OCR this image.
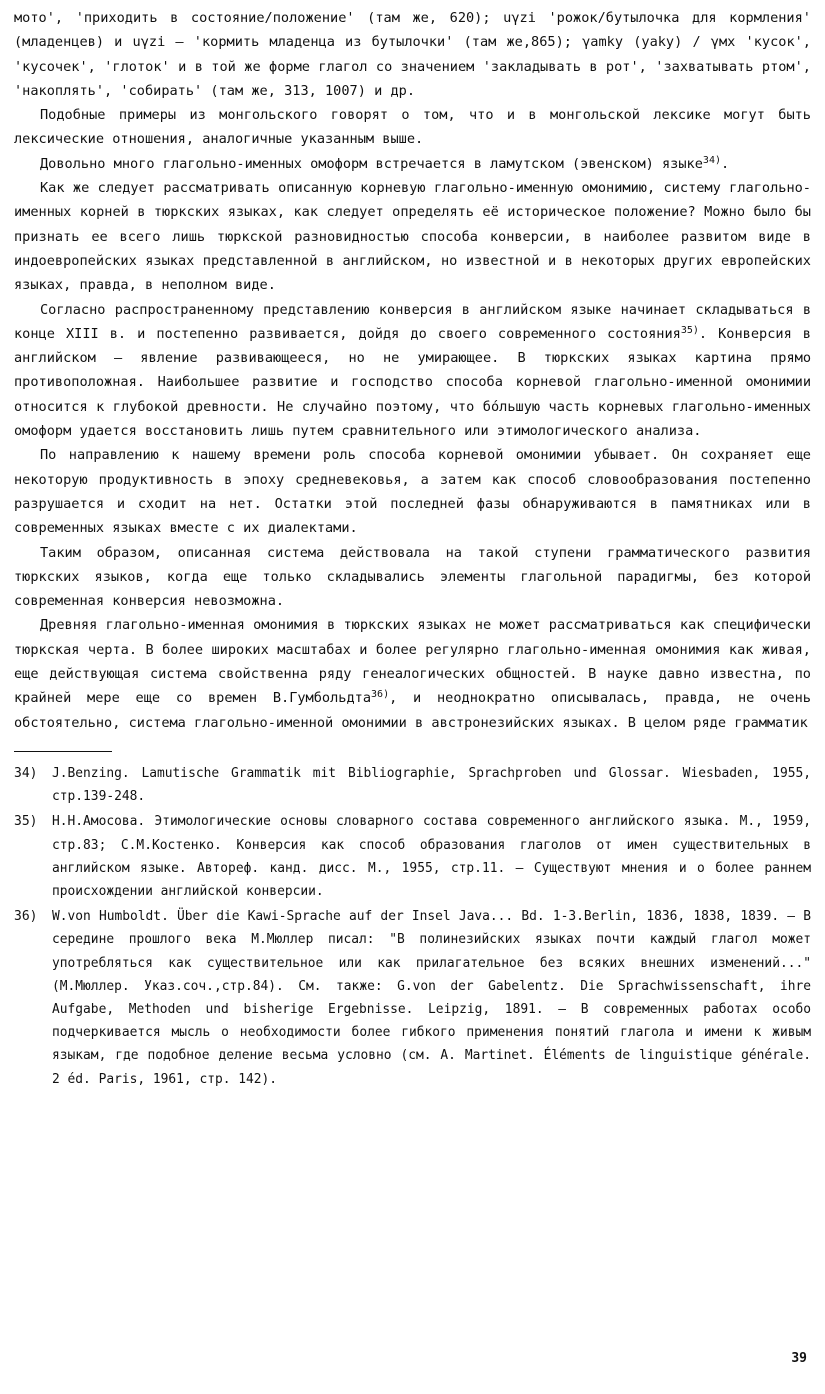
мото', 'приходить в состояние/положение' (там же, 620); uγzi 'рожок/бутылочка для кормления' (младенцев) и uγzi – 'кормить младенца из бутылочки' (там же,865); γamky (yaky) / γмх 'кусок', 'кусочек', 'глоток' и в той же форме глагол со значением 'закладывать в рот', 'захватывать ртом', 'накоплять', 'собирать' (там же, 313, 1007) и др.

Подобные примеры из монгольского говорят о том, что и в монгольской лексике могут быть лексические отношения, аналогичные указанным выше.

Довольно много глагольно-именных омоформ встречается в ламутском (эвенском) языке$^{34)}$.

Как же следует рассматривать описанную корневую глагольно-именную омонимию, систему глагольно-именных корней в тюркских языках, как следует определять её историческое положение? Можно было бы признать ее всего лишь тюркской разновидностью способа конверсии, в наиболее развитом виде в индоевропейских языках представленной в английском, но известной и в некоторых других европейских языках, правда, в неполном виде.

Согласно распространенному представлению конверсия в английском языке начинает складываться в конце XIII в. и постепенно развивается, дойдя до своего современного состояния$^{35)}$. Конверсия в английском – явление развивающееся, но не умирающее. В тюркских языках картина прямо противоположная. Наибольшее развитие и господство способа корневой глагольно-именной омонимии относится к глубокой древности. Не случайно поэтому, что бо́льшую часть корневых глагольно-именных омоформ удается восстановить лишь путем сравнительного или этимологического анализа.

По направлению к нашему времени роль способа корневой омонимии убывает. Он сохраняет еще некоторую продуктивность в эпоху средневековья, а затем как способ словообразования постепенно разрушается и сходит на нет. Остатки этой последней фазы обнаруживаются в памятниках или в современных языках вместе с их диалектами.

Таким образом, описанная система действовала на такой ступени грамматического развития тюркских языков, когда еще только складывались элементы глагольной парадигмы, без которой современная конверсия невозможна.

Древняя глагольно-именная омонимия в тюркских языках не может рассматриваться как специфически тюркская черта. В более широких масштабах и более регулярно глагольно-именная омонимия как живая, еще действующая система свойственна ряду генеалогических общностей. В науке давно известна, по крайней мере еще со времен В.Гумбольдта$^{36)}$, и неоднократно описывалась, правда, не очень обстоятельно, система глагольно-именной омонимии в австронезийских языках. В целом ряде грамматик

34)	J.Benzing. Lamutische Grammatik mit Bibliographie, Sprachproben und Glossar. Wiesbaden, 1955, стр.139-248.
35)	Н.Н.Амосова. Этимологические основы словарного состава современного английского языка. М., 1959, стр.83; С.М.Костенко. Конверсия как способ образования глаголов от имен существительных в английском языке. Автореф. канд. дисс. М., 1955, стр.11. – Существуют мнения и о более раннем происхождении английской конверсии.
36)	W.von Humboldt. Über die Kawi-Sprache auf der Insel Java... Bd. 1-3.Berlin, 1836, 1838, 1839. – В середине прошлого века М.Мюллер писал: "В полинезийских языках почти каждый глагол может употребляться как существительное или как прилагательное без всяких внешних изменений..." (М.Мюллер. Указ.соч.,стр.84). См. также: G.von der Gabelentz. Die Sprachwissenschaft, ihre Aufgabe, Methoden und bisherige Ergebnisse. Leipzig, 1891. – В современных работах особо подчеркивается мысль о необходимости более гибкого применения понятий глагола и имени к живым языкам, где подобное деление весьма условно (см. A. Martinet. Éléments de linguistique générale. 2 éd. Paris, 1961, стр. 142).
39
